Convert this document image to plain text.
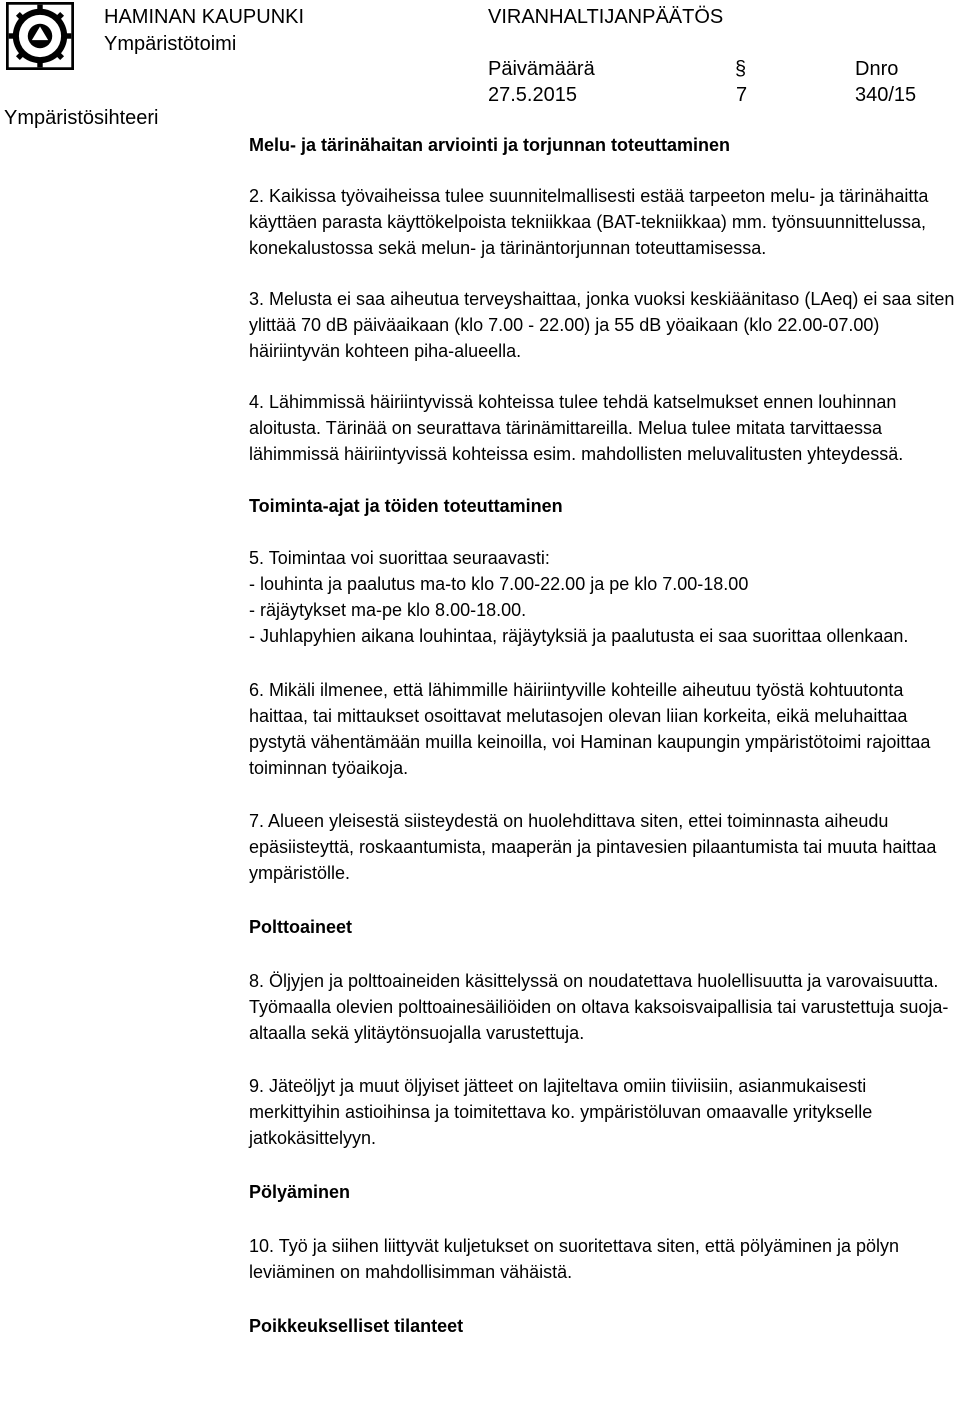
HAMINAN KAUPUNKI
Ympäristötoimi
VIRANHALTIJANPÄÄTÖS
Päivämäärä	§	Dnro
27.5.2015	7	340/15
Ympäristösihteeri
Melu- ja tärinähaitan arviointi ja torjunnan toteuttaminen

2. Kaikissa työvaiheissa tulee suunnitelmallisesti estää tarpeeton melu- ja tärinähaitta käyttäen parasta käyttökelpoista tekniikkaa (BAT-tekniikkaa) mm. työnsuunnittelussa, konekalustossa sekä melun- ja tärinäntorjunnan toteuttamisessa.

3. Melusta ei saa aiheutua terveyshaittaa, jonka vuoksi keskiäänitaso (LAeq) ei saa siten ylittää 70 dB päiväaikaan (klo 7.00 - 22.00) ja 55 dB yöaikaan (klo 22.00-07.00) häiriintyvän kohteen piha-alueella.

4. Lähimmissä häiriintyvissä kohteissa tulee tehdä katselmukset ennen louhinnan aloitusta. Tärinää on seurattava tärinämittareilla. Melua tulee mitata tarvittaessa lähimmissä häiriintyvissä kohteissa esim. mahdollisten meluvalitusten yhteydessä.

Toiminta-ajat ja töiden toteuttaminen

5. Toimintaa voi suorittaa seuraavasti:

- louhinta ja paalutus ma-to klo 7.00-22.00 ja pe klo 7.00-18.00

- räjäytykset ma-pe klo 8.00-18.00.

- Juhlapyhien aikana louhintaa, räjäytyksiä ja paalutusta ei saa suorittaa ollenkaan.

6. Mikäli ilmenee, että lähimmille häiriintyville kohteille aiheutuu työstä kohtuutonta haittaa, tai mittaukset osoittavat melutasojen olevan liian korkeita, eikä meluhaittaa pystytä vähentämään muilla keinoilla, voi Haminan kaupungin ympäristötoimi rajoittaa toiminnan työaikoja.

7. Alueen yleisestä siisteydestä on huolehdittava siten, ettei toiminnasta aiheudu epäsiisteyttä, roskaantumista, maaperän ja pintavesien pilaantumista tai muuta haittaa ympäristölle.

Polttoaineet

8. Öljyjen ja polttoaineiden käsittelyssä on noudatettava huolellisuutta ja varovaisuutta. Työmaalla olevien polttoainesäiliöiden on oltava kaksoisvaipallisia tai varustettuja suoja-altaalla sekä ylitäytönsuojalla varustettuja.

9. Jäteöljyt ja muut öljyiset jätteet on lajiteltava omiin tiiviisiin, asianmukaisesti merkittyihin astioihinsa ja toimitettava ko. ympäristöluvan omaavalle yritykselle jatkokäsittelyyn.

Pölyäminen

10. Työ ja siihen liittyvät kuljetukset on suoritettava siten, että pölyäminen ja pölyn leviäminen on mahdollisimman vähäistä.

Poikkeukselliset tilanteet
